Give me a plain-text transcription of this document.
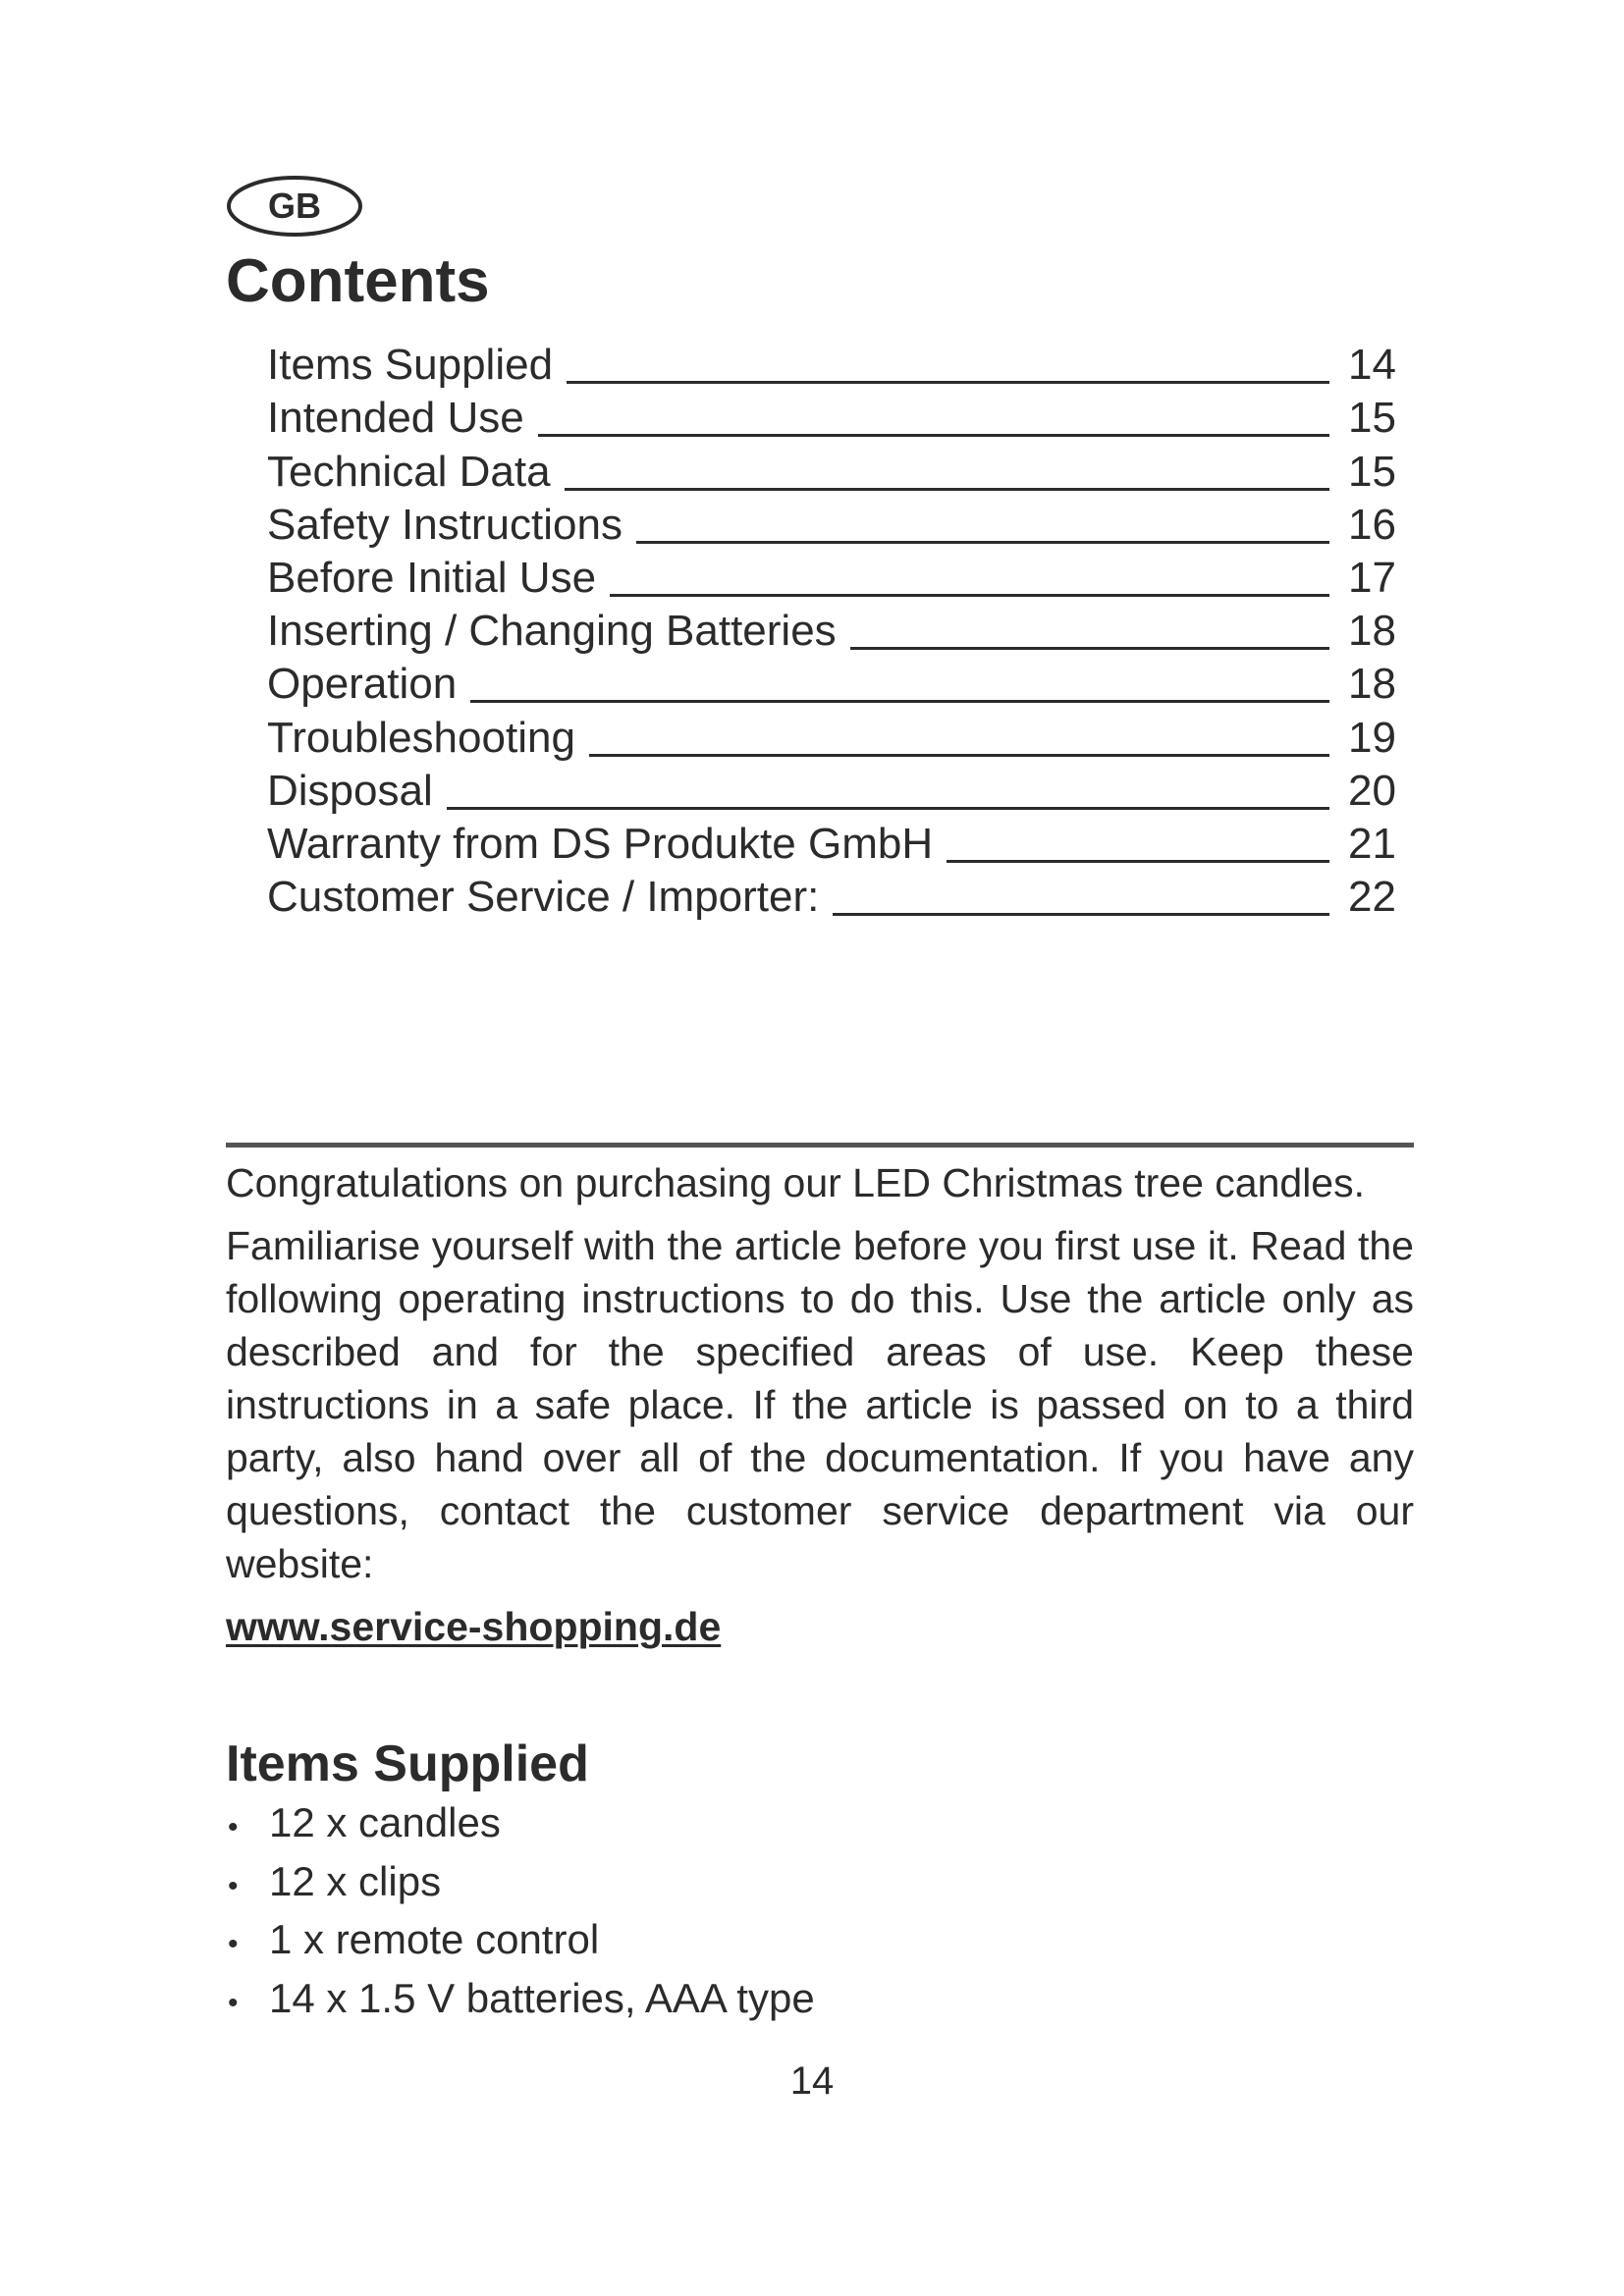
GB
Contents
Items Supplied	14
Intended Use	15
Technical Data	15
Safety Instructions	16
Before Initial Use	17
Inserting / Changing Batteries	18
Operation	18
Troubleshooting	19
Disposal	20
Warranty from DS Produkte GmbH	21
Customer Service / Importer:	22

Congratulations on purchasing our LED Christmas tree candles.

Familiarise yourself with the article before you first use it. Read the following operating instructions to do this. Use the article only as described and for the specified areas of use. Keep these instructions in a safe place. If the article is passed on to a third party, also hand over all of the documentation. If you have any questions, contact the customer service department via our website:

www.service-shopping.de
Items Supplied
• 12 x candles
• 12 x clips
• 1 x remote control
• 14 x 1.5 V batteries, AAA type
14
